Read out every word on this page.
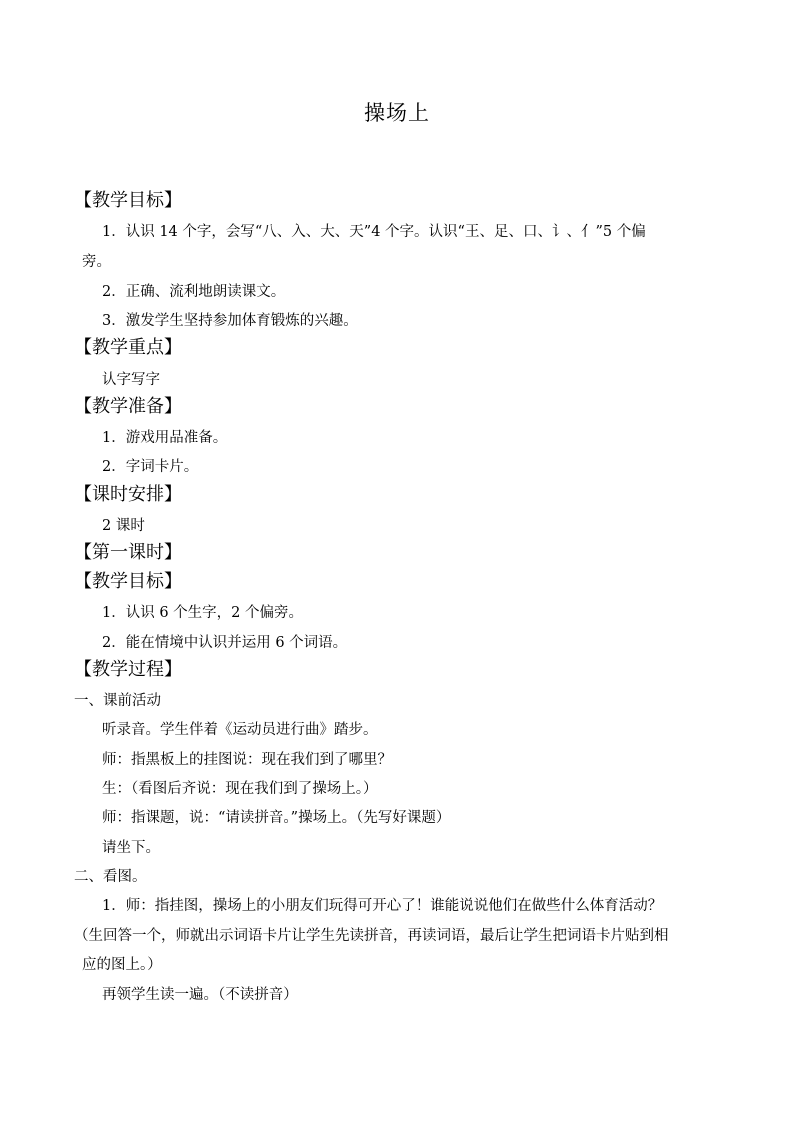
操场上
【教学目标】
1．认识 14 个字，会写“八、入、大、天”4 个字。认识“王、足、口、讠、亻”5 个偏
旁。
2．正确、流利地朗读课文。
3．激发学生坚持参加体育锻炼的兴趣。
【教学重点】
认字写字
【教学准备】
1．游戏用品准备。
2．字词卡片。
【课时安排】
2 课时
【第一课时】
【教学目标】
1．认识 6 个生字，2 个偏旁。
2．能在情境中认识并运用 6 个词语。
【教学过程】
一、课前活动
听录音。学生伴着《运动员进行曲》踏步。
师：指黑板上的挂图说：现在我们到了哪里？
生：（看图后齐说：现在我们到了操场上。）
师：指课题，说：“请读拼音。”操场上。（先写好课题）
请坐下。
二、看图。
1．师：指挂图，操场上的小朋友们玩得可开心了！谁能说说他们在做些什么体育活动？
（生回答一个，师就出示词语卡片让学生先读拼音，再读词语，最后让学生把词语卡片贴到相
应的图上。）
再领学生读一遍。（不读拼音）
